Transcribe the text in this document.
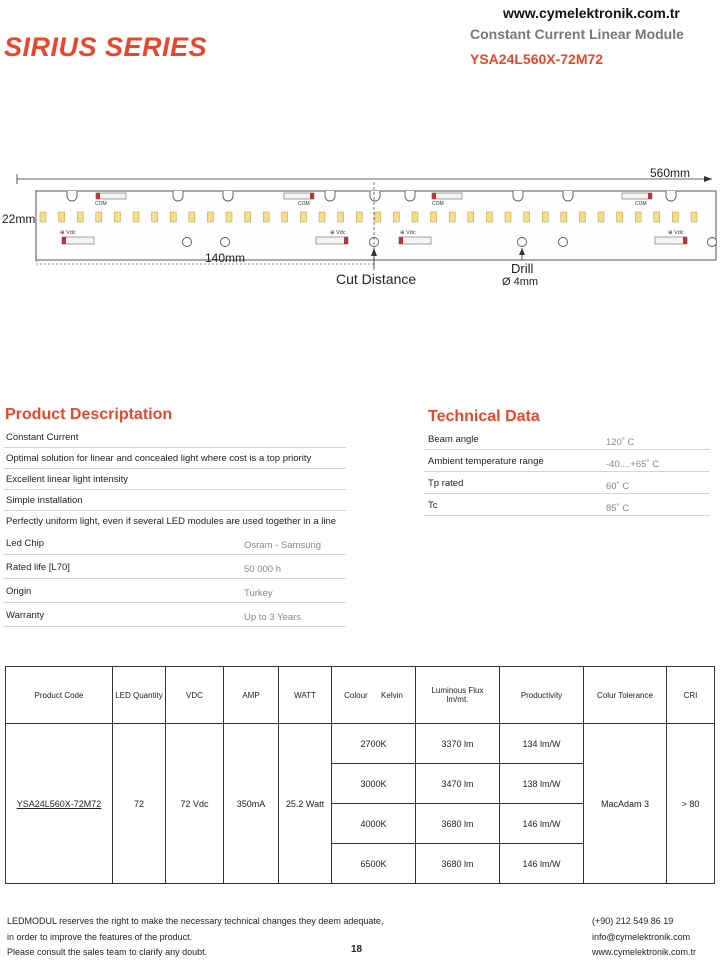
www.cymelektronik.com.tr
SIRIUS SERIES	Constant Current Linear Module
YSA24L560X-72M72
560mm
22mm
COM	COM	COM	COM
⊕ Vdc	⊕ Vdc	⊕ Vdc	⊕ Vdc
140mm
Cut Distance
Drill
Ø 4mm
Product Descriptation
Constant Current
Optimal solution for linear and concealed light where cost is a top priority
Excellent linear light intensity
Simple installation
Perfectly uniform light, even if several LED modules are used together in a line
Led Chip	Osram - Samsung
Rated life [L70]	50 000 h
Origin	Turkey
Warranty	Up to 3 Years
Technical Data
Beam angle	120˚ C
Ambient temperature range	-40....+65˚ C
Tp rated	60˚ C
Tc	85˚ C
Product Code	LED Quantity	VDC	AMP	WATT	Colour      Kelvin	Luminous Flux lm/mt.	Productivity	Colur Tolerance	CRI
YSA24L560X-72M72	72	72 Vdc	350mA	25.2 Watt	2700K	3370 lm	134 lm/W	MacAdam 3	> 80
					3000K	3470 lm	138 lm/W		
					4000K	3680 lm	146 lm/W		
					6500K	3680 lm	146 lm/W		
LEDMODUL reserves the right to make the necessary technical changes they deem adequate,
in order to improve the features of the product.
Please consult the sales team to clarify any doubt.	18
(+90) 212 549 86 19
info@cymelektronik.com
www.cymelektronik.com.tr
